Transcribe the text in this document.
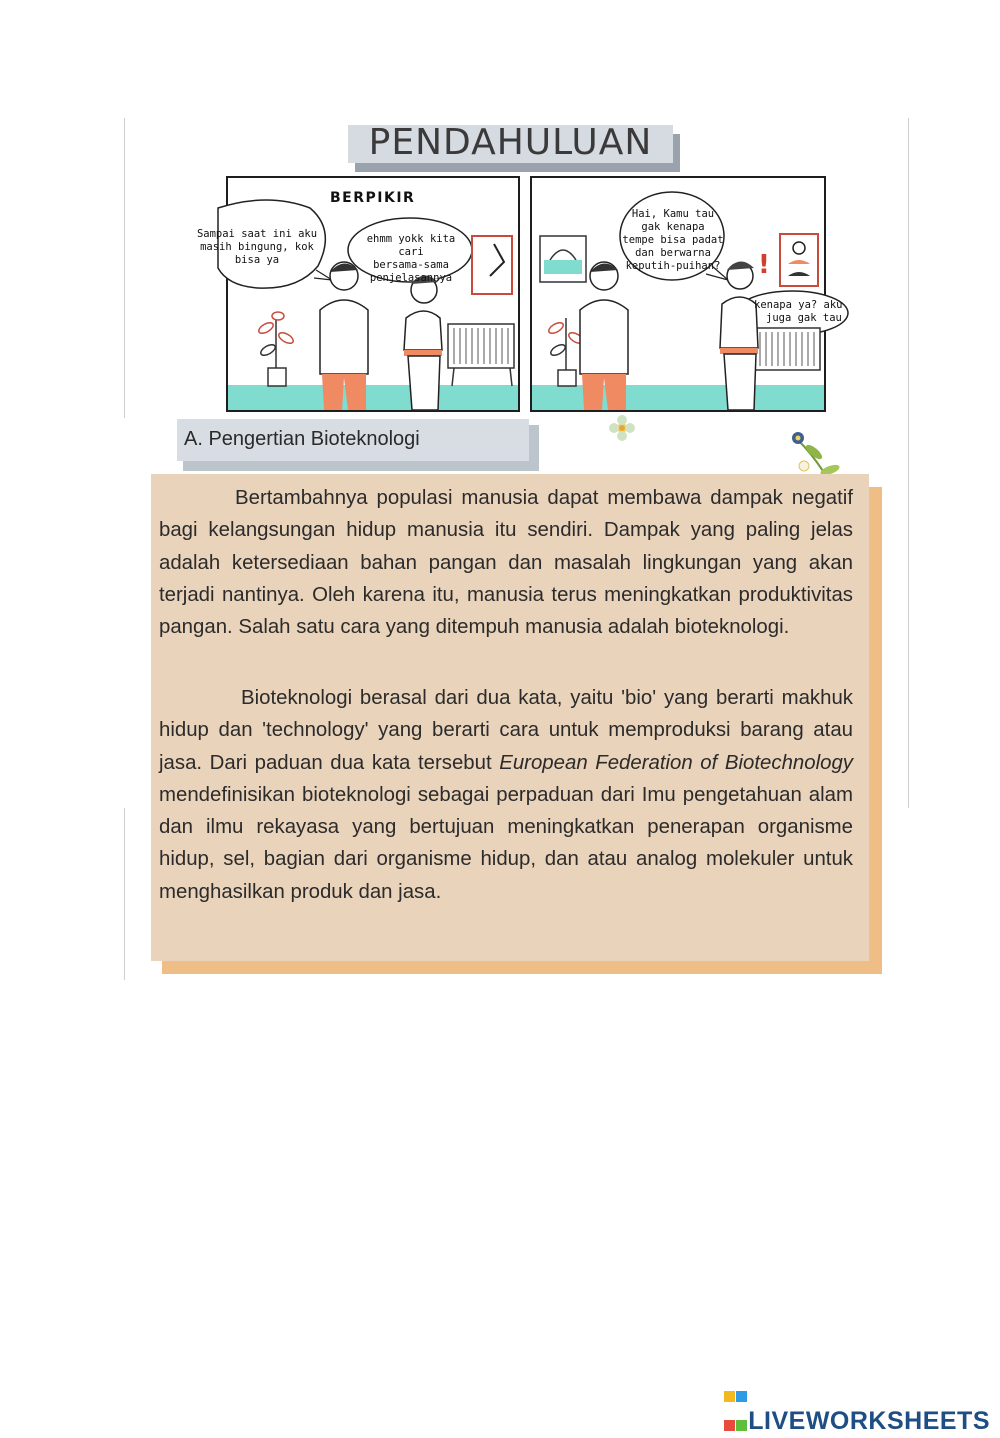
PENDAHULUAN
BERPIKIR
Sampai saat ini aku
masih bingung, kok
bisa ya
ehmm yokk kita cari
bersama-sama
penjelasannya
Hai, Kamu tau
gak kenapa
tempe bisa padat
dan berwarna
keputih-puihan? !
kenapa ya? aku
juga gak tau
A. Pengertian Bioteknologi

Bertambahnya populasi manusia dapat membawa dampak negatif bagi kelangsungan hidup manusia itu sendiri. Dampak yang paling jelas adalah ketersediaan bahan pangan dan masalah lingkungan yang akan terjadi nantinya. Oleh karena itu, manusia terus meningkatkan produktivitas pangan. Salah satu cara yang ditempuh manusia adalah bioteknologi.

Bioteknologi berasal dari dua kata, yaitu 'bio' yang berarti makhuk hidup dan 'technology' yang berarti cara untuk memproduksi barang atau jasa. Dari paduan dua kata tersebut European Federation of Biotechnology mendefinisikan bioteknologi sebagai perpaduan dari Imu pengetahuan alam dan ilmu rekayasa yang bertujuan meningkatkan penerapan organisme hidup, sel, bagian dari organisme hidup, dan atau analog molekuler untuk menghasilkan produk dan jasa.

LIVEWORKSHEETS
